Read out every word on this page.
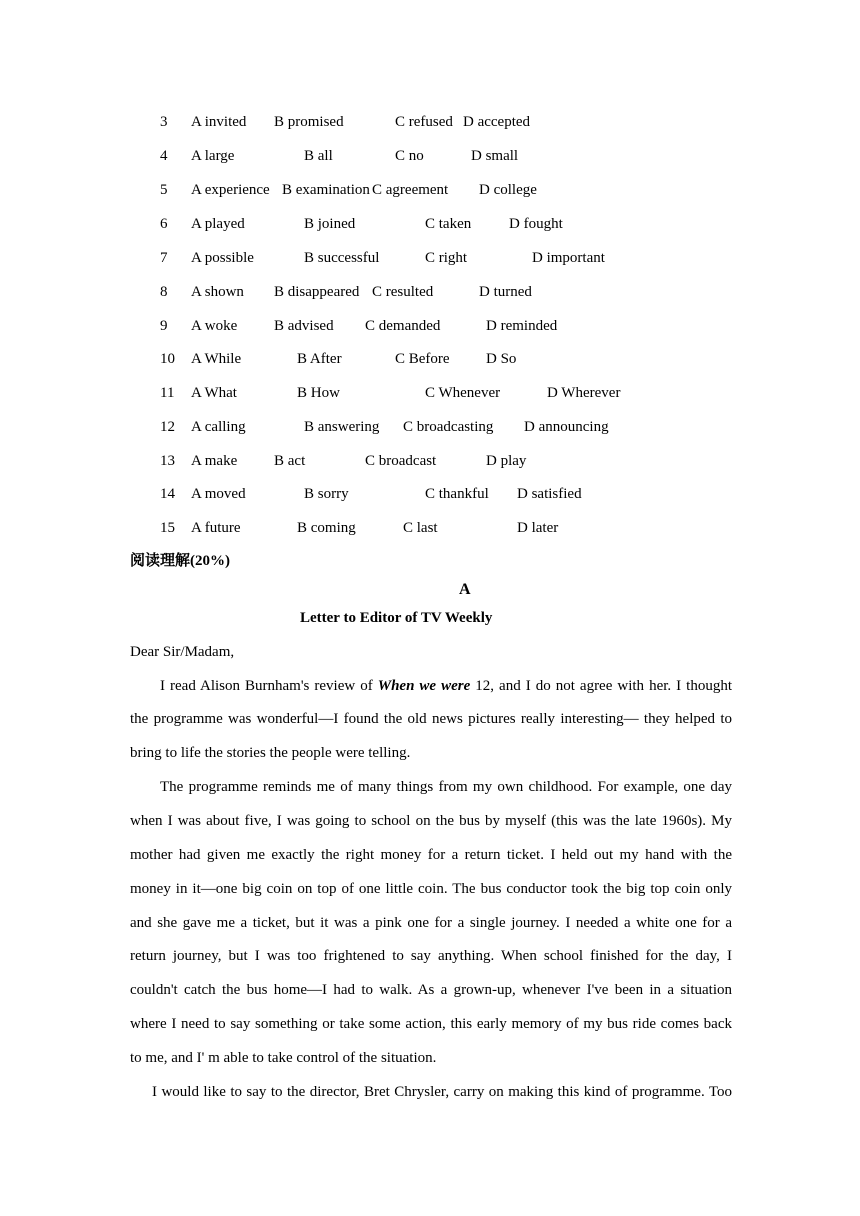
3 A invited B promised	C refused D accepted
4 A large	B all	C no	D small
5 A experience B examination C agreement D college
6 A played	B joined	C taken	D fought
7 A possible	B successful	C right	D important
8 A shown B disappeared C resulted	D turned
9 A woke B advised C demanded	D reminded
10 A While	B After	C Before D So
11 A What	B How	C Whenever	D Wherever
12 A calling	B answering C broadcasting D announcing
13 A make B act	C broadcast	D play
14 A moved	B sorry	C thankful D satisfied
15 A future	B coming	C last	D later
阅读理解(20%)
A
Letter to Editor of TV Weekly
Dear Sir/Madam,
I read Alison Burnham's review of When we were 12, and I do not agree with her. I thought
the programme was wonderful—I found the old news pictures really interesting— they helped to
bring to life the stories the people were telling.
The programme reminds me of many things from my own childhood. For example, one day
when I was about five, I was going to school on the bus by myself (this was the late 1960s). My
mother had given me exactly the right money for a return ticket. I held out my hand with the
money in it—one big coin on top of one little coin. The bus conductor took the big top coin only
and she gave me a ticket, but it was a pink one for a single journey. I needed a white one for a
return journey, but I was too frightened to say anything. When school finished for the day, I
couldn't catch the bus home—I had to walk. As a grown-up, whenever I've been in a situation
where I need to say something or take some action, this early memory of my bus ride comes back
to me, and I' m able to take control of the situation.
I would like to say to the director, Bret Chrysler, carry on making this kind of programme. Too
